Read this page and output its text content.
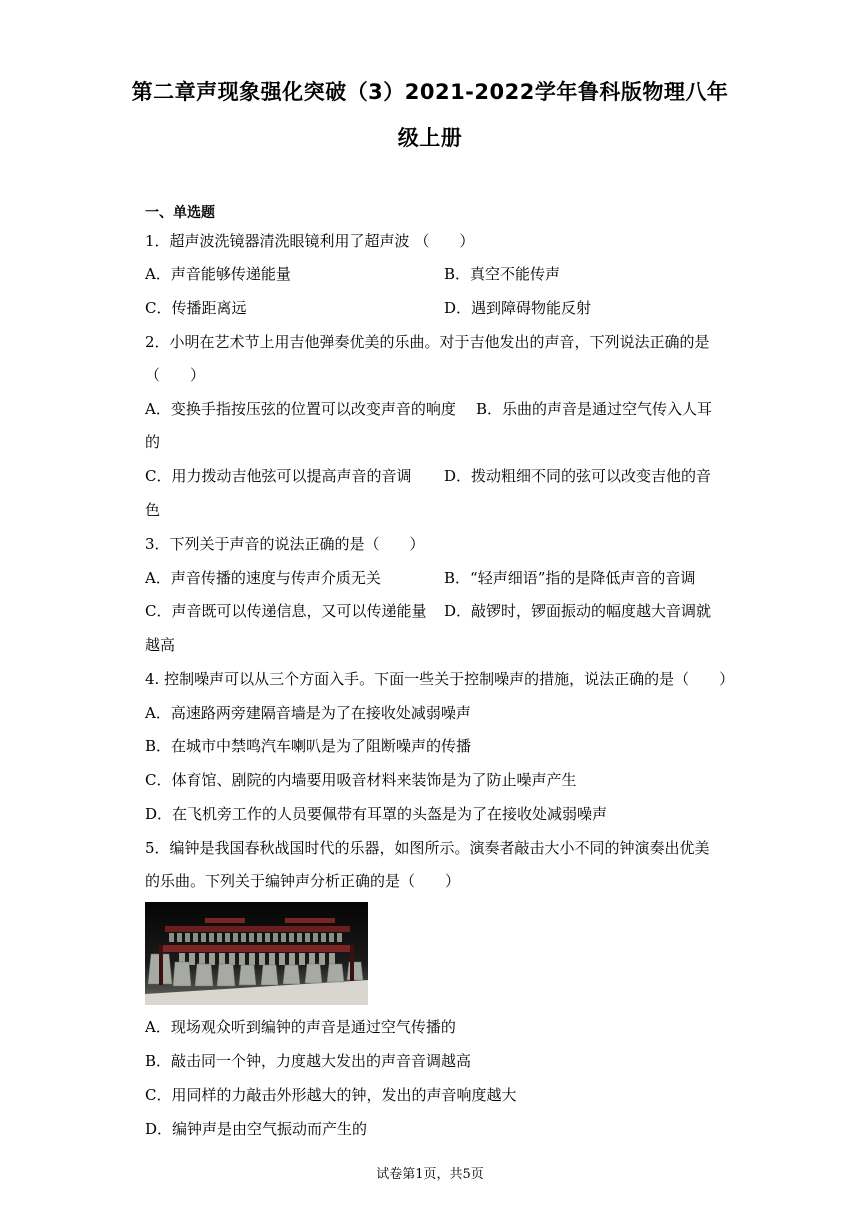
第二章声现象强化突破（3）2021-2022学年鲁科版物理八年
级上册
一、单选题
1．超声波洗镜器清洗眼镜利用了超声波 （　　）
A．声音能够传递能量	B．真空不能传声
C．传播距离远	D．遇到障碍物能反射
2．小明在艺术节上用吉他弹奏优美的乐曲。对于吉他发出的声音，下列说法正确的是
（　　）
A．变换手指按压弦的位置可以改变声音的响度 B．乐曲的声音是通过空气传入人耳
的
C．用力拨动吉他弦可以提高声音的音调 D．拨动粗细不同的弦可以改变吉他的音
色
3．下列关于声音的说法正确的是（　　）
A．声音传播的速度与传声介质无关	B．“轻声细语”指的是降低声音的音调
C．声音既可以传递信息，又可以传递能量 D．敲锣时，锣面振动的幅度越大音调就
越高
4. 控制噪声可以从三个方面入手。下面一些关于控制噪声的措施，说法正确的是（　　）
A．高速路两旁建隔音墙是为了在接收处减弱噪声
B．在城市中禁鸣汽车喇叭是为了阻断噪声的传播
C．体育馆、剧院的内墙要用吸音材料来装饰是为了防止噪声产生
D．在飞机旁工作的人员要佩带有耳罩的头盔是为了在接收处减弱噪声
5．编钟是我国春秋战国时代的乐器，如图所示。演奏者敲击大小不同的钟演奏出优美
的乐曲。下列关于编钟声分析正确的是（　　）
A．现场观众听到编钟的声音是通过空气传播的
B．敲击同一个钟，力度越大发出的声音音调越高
C．用同样的力敲击外形越大的钟，发出的声音响度越大
D．编钟声是由空气振动而产生的
试卷第1页，共5页
